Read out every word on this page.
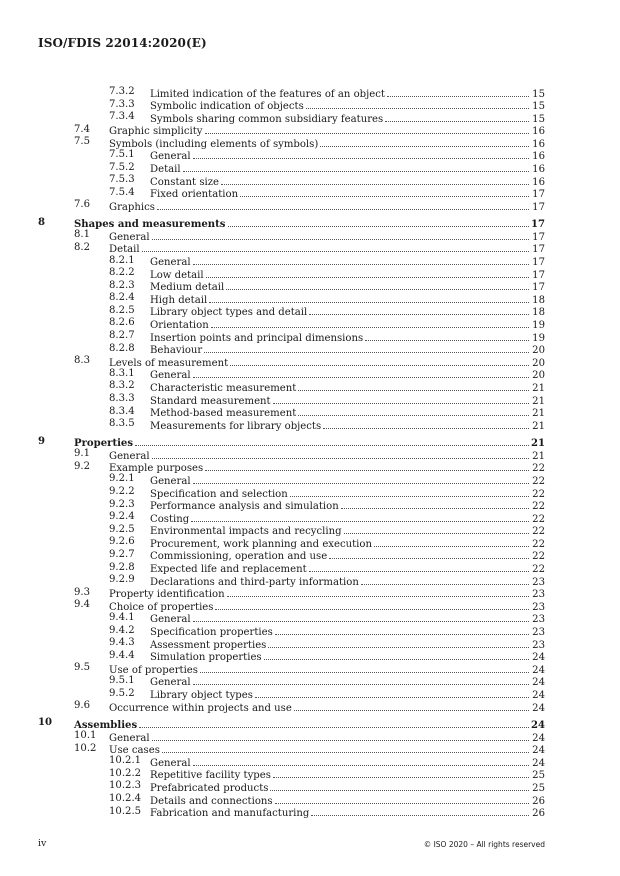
ISO/FDIS 22014:2020(E)
7.3.2 Limited indication of the features of an object	15
7.3.3 Symbolic indication of objects	15
7.3.4 Symbols sharing common subsidiary features	15
7.4 Graphic simplicity	16
7.5 Symbols (including elements of symbols)	16
7.5.1 General	16
7.5.2 Detail	16
7.5.3 Constant size	16
7.5.4 Fixed orientation	17
7.6 Graphics	17
8	Shapes and measurements	17
8.1 General	17
8.2 Detail	17
8.2.1 General	17
8.2.2 Low detail	17
8.2.3 Medium detail	17
8.2.4 High detail	18
8.2.5 Library object types and detail	18
8.2.6 Orientation	19
8.2.7 Insertion points and principal dimensions	19
8.2.8 Behaviour	20
8.3 Levels of measurement	20
8.3.1 General	20
8.3.2 Characteristic measurement	21
8.3.3 Standard measurement	21
8.3.4 Method-based measurement	21
8.3.5 Measurements for library objects	21
9	Properties	21
9.1 General	21
9.2 Example purposes	22
9.2.1 General	22
9.2.2 Specification and selection	22
9.2.3 Performance analysis and simulation	22
9.2.4 Costing	22
9.2.5 Environmental impacts and recycling	22
9.2.6 Procurement, work planning and execution	22
9.2.7 Commissioning, operation and use	22
9.2.8 Expected life and replacement	22
9.2.9 Declarations and third-party information	23
9.3 Property identification	23
9.4 Choice of properties	23
9.4.1 General	23
9.4.2 Specification properties	23
9.4.3 Assessment properties	23
9.4.4 Simulation properties	24
9.5 Use of properties	24
9.5.1 General	24
9.5.2 Library object types	24
9.6 Occurrence within projects and use	24
10 Assemblies	24
10.1 General	24
10.2 Use cases	24
10.2.1 General	24
10.2.2 Repetitive facility types	25
10.2.3 Prefabricated products	25
10.2.4 Details and connections	26
10.2.5 Fabrication and manufacturing	26
iv	© ISO 2020 – All rights reserved
